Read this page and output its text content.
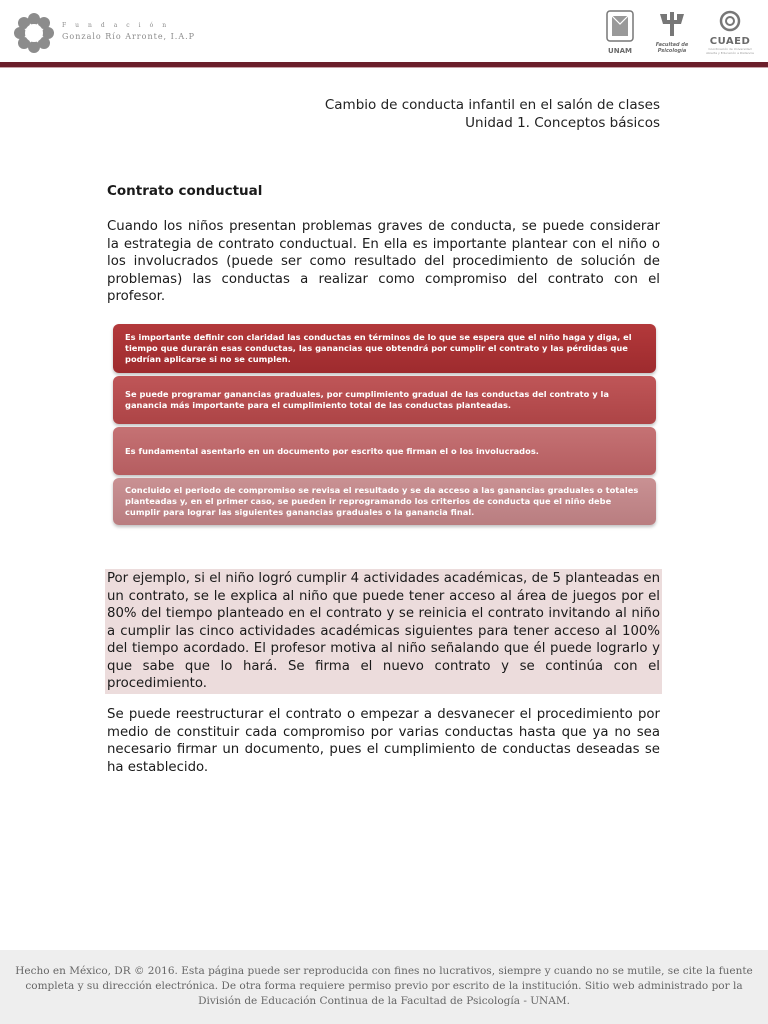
Fundación
Gonzalo Río Arronte, I.A.P
UNAM
Facultad de Psicología
CUAED
Coordinación de Universidad Abierta y Educación a Distancia
Cambio de conducta infantil en el salón de clases
Unidad 1. Conceptos básicos
Contrato conductual

Cuando los niños presentan problemas graves de conducta, se puede considerar la estrategia de contrato conductual. En ella es importante plantear con el niño o los involucrados (puede ser como resultado del procedimiento de solución de problemas) las conductas a realizar como compromiso del contrato con el profesor.

Es importante definir con claridad las conductas en términos de lo que se espera que el niño haga y diga, el tiempo que durarán esas conductas, las ganancias que obtendrá por cumplir el contrato y las pérdidas que podrían aplicarse si no se cumplen.
Se puede programar ganancias graduales, por cumplimiento gradual de las conductas del contrato y la ganancia más importante para el cumplimiento total de las conductas planteadas.
Es fundamental asentarlo en un documento por escrito que firman el o los involucrados.
Concluido el periodo de compromiso se revisa el resultado y se da acceso a las ganancias graduales o totales planteadas y, en el primer caso, se pueden ir reprogramando los criterios de conducta que el niño debe cumplir para lograr las siguientes ganancias graduales o la ganancia final.

Por ejemplo, si el niño logró cumplir 4 actividades académicas, de 5 planteadas en un contrato, se le explica al niño que puede tener acceso al área de juegos por el 80% del tiempo planteado en el contrato y se reinicia el contrato invitando al niño a cumplir las cinco actividades académicas siguientes para tener acceso al 100% del tiempo acordado. El profesor motiva al niño señalando que él puede lograrlo y que sabe que lo hará. Se firma el nuevo contrato y se continúa con el procedimiento.

Se puede reestructurar el contrato o empezar a desvanecer el procedimiento por medio de constituir cada compromiso por varias conductas hasta que ya no sea necesario firmar un documento, pues el cumplimiento de conductas deseadas se ha establecido.

Hecho en México, DR © 2016. Esta página puede ser reproducida con fines no lucrativos, siempre y cuando no se mutile, se cite la fuente completa y su dirección electrónica. De otra forma requiere permiso previo por escrito de la institución. Sitio web administrado por la División de Educación Continua de la Facultad de Psicología - UNAM.
